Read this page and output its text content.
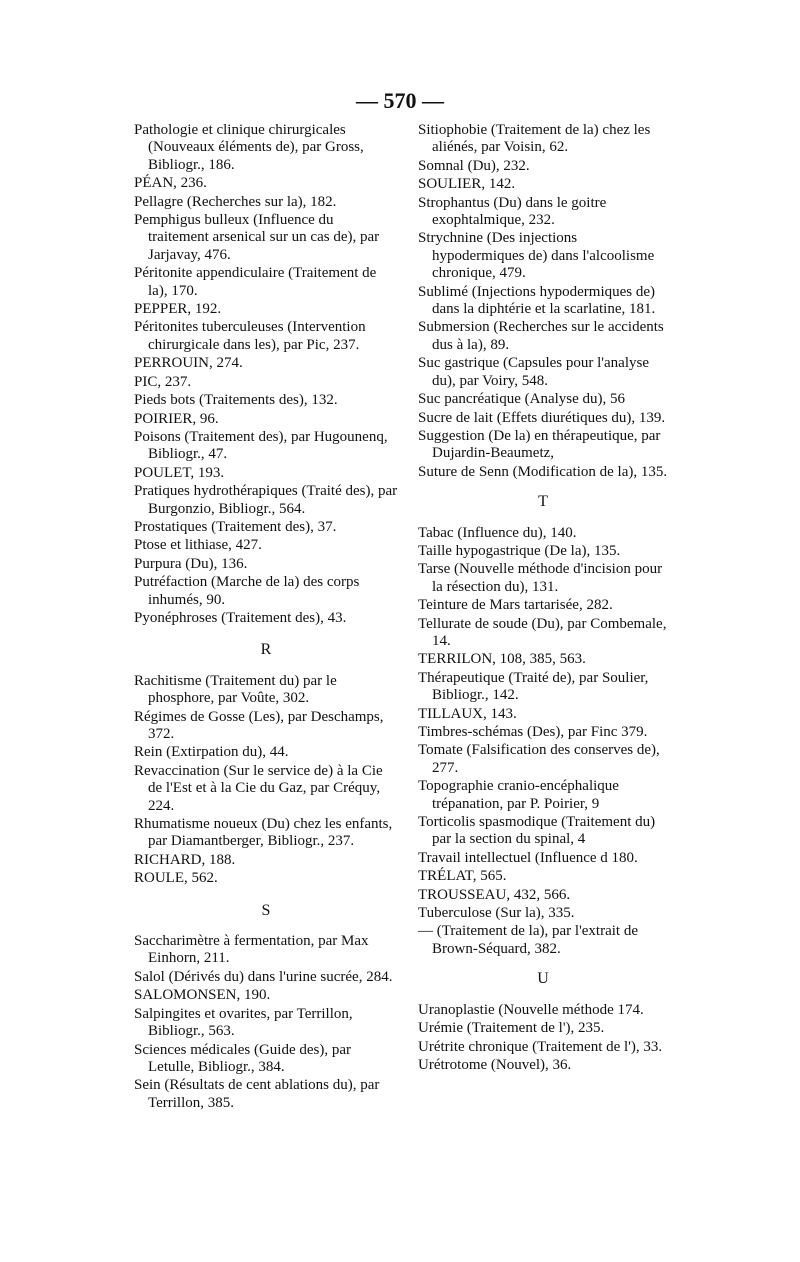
— 570 —
Pathologie et clinique chirurgicales (Nouveaux éléments de), par Gross, Bibliogr., 186.
PÉAN, 236.
Pellagre (Recherches sur la), 182.
Pemphigus bulleux (Influence du traitement arsenical sur un cas de), par Jarjavay, 476.
Péritonite appendiculaire (Traitement de la), 170.
PEPPER, 192.
Péritonites tuberculeuses (Intervention chirurgicale dans les), par Pic, 237.
PERROUIN, 274.
PIC, 237.
Pieds bots (Traitements des), 132.
POIRIER, 96.
Poisons (Traitement des), par Hugounenq, Bibliogr., 47.
POULET, 193.
Pratiques hydrothérapiques (Traité des), par Burgonzio, Bibliogr., 564.
Prostatiques (Traitement des), 37.
Ptose et lithiase, 427.
Purpura (Du), 136.
Putréfaction (Marche de la) des corps inhumés, 90.
Pyonéphroses (Traitement des), 43.
R
Rachitisme (Traitement du) par le phosphore, par Voûte, 302.
Régimes de Gosse (Les), par Deschamps, 372.
Rein (Extirpation du), 44.
Revaccination (Sur le service de) à la Cie de l'Est et à la Cie du Gaz, par Créquy, 224.
Rhumatisme noueux (Du) chez les enfants, par Diamantberger, Bibliogr., 237.
RICHARD, 188.
ROULE, 562.
S
Saccharimètre à fermentation, par Max Einhorn, 211.
Salol (Dérivés du) dans l'urine sucrée, 284.
SALOMONSEN, 190.
Salpingites et ovarites, par Terrillon, Bibliogr., 563.
Sciences médicales (Guide des), par Letulle, Bibliogr., 384.
Sein (Résultats de cent ablations du), par Terrillon, 385.
Sitiophobie (Traitement de la) chez les aliénés, par Voisin, 62.
Somnal (Du), 232.
SOULIER, 142.
Strophantus (Du) dans le goitre exophtalmique, 232.
Strychnine (Des injections hypodermiques de) dans l'alcoolisme chronique, 479.
Sublimé (Injections hypodermiques de) dans la diphtérie et la scarlatine, 181.
Submersion (Recherches sur le accidents dus à la), 89.
Suc gastrique (Capsules pour l'analyse du), par Voiry, 548.
Suc pancréatique (Analyse du), 56
Sucre de lait (Effets diurétiques du), 139.
Suggestion (De la) en thérapeutique, par Dujardin-Beaumetz,
Suture de Senn (Modification de la), 135.
T
Tabac (Influence du), 140.
Taille hypogastrique (De la), 135.
Tarse (Nouvelle méthode d'incision pour la résection du), 131.
Teinture de Mars tartarisée, 282.
Tellurate de soude (Du), par Combemale, 14.
TERRILON, 108, 385, 563.
Thérapeutique (Traité de), par Soulier, Bibliogr., 142.
TILLAUX, 143.
Timbres-schémas (Des), par Finc 379.
Tomate (Falsification des conserves de), 277.
Topographie cranio-encéphalique trépanation, par P. Poirier, 9
Torticolis spasmodique (Traitement du) par la section du spinal, 4
Travail intellectuel (Influence d 180.
TRÉLAT, 565.
TROUSSEAU, 432, 566.
Tuberculose (Sur la), 335.
— (Traitement de la), par l'extrait de Brown-Séquard, 382.
U
Uranoplastie (Nouvelle méthode 174.
Urémie (Traitement de l'), 235.
Urétrite chronique (Traitement de l'), 33.
Urétrotome (Nouvel), 36.
